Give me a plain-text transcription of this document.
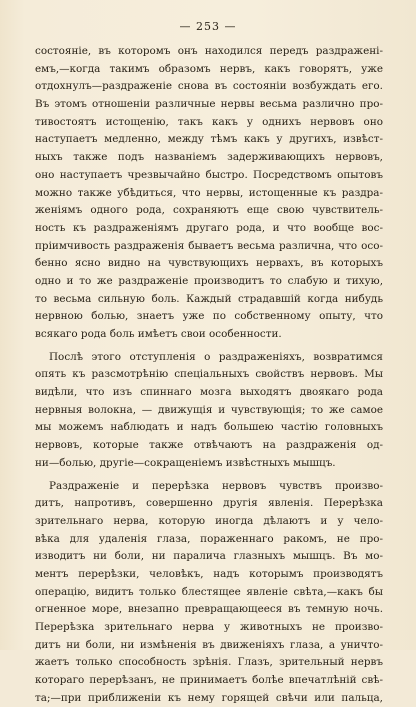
— 253 —
состоянiе, въ которомъ онъ находился передъ раздраженi-
емъ,—когда такимъ образомъ нервъ, какъ говорятъ, уже
отдохнулъ—раздраженiе снова въ состоянiи возбуждать его.
Въ этомъ отношенiи различные нервы весьма различно про-
тивостоятъ истощенiю, такъ какъ у однихъ нервовъ оно
наступаетъ медленно, между тѣмъ какъ у другихъ, извѣст-
ныхъ также подъ названiемъ задерживающихъ нервовъ,
оно наступаетъ чрезвычайно быстро. Посредствомъ опытовъ
можно также убѣдиться, что нервы, истощенные къ раздра-
женiямъ одного рода, сохраняютъ еще свою чувствитель-
ность къ раздраженiямъ другаго рода, и что вообще вос-
прiимчивость раздраженiя бываетъ весьма различна, что осо-
бенно ясно видно на чувствующихъ нервахъ, въ которыхъ
одно и то же раздраженiе производитъ то слабую и тихую,
то весьма сильную боль. Каждый страдавшiй когда нибудь
нервною болью, знаетъ уже по собственному опыту, что
всякаго рода боль имѣетъ свои особенности.
Послѣ этого отступленiя о раздраженiяхъ, возвратимся
опять къ разсмотрѣнiю спецiальныхъ свойствъ нервовъ. Мы
видѣли, что изъ спиннаго мозга выходятъ двоякаго рода
нервныя волокна, — движущiя и чувствующiя; то же самое
мы можемъ наблюдать и надъ большею частiю головныхъ
нервовъ, которые также отвѣчаютъ на раздраженiя од-
ни—болью, другiе—сокращенiемъ извѣстныхъ мышцъ.
Раздраженiе и перерѣзка нервовъ чувствъ произво-
дитъ, напротивъ, совершенно другiя явленiя. Перерѣзка
зрительнаго нерва, которую иногда дѣлаютъ и у чело-
вѣка для удаленiя глаза, пораженнаго ракомъ, не про-
изводитъ ни боли, ни паралича глазныхъ мышцъ. Въ мо-
ментъ перерѣзки, человѣкъ, надъ которымъ производятъ
операцiю, видитъ только блестящее явленiе свѣта,—какъ бы
огненное море, внезапно превращающееся въ темную ночь.
Перерѣзка зрительнаго нерва у животныхъ не произво-
дитъ ни боли, ни измѣненiя въ движенiяхъ глаза, а уничто-
жаетъ только способность зрѣнiя. Глазъ, зрительный нервъ
котораго перерѣзанъ, не принимаетъ болѣе впечатлѣнiй свѣ-
та;—при приближенiи къ нему горящей свѣчи или пальца,
